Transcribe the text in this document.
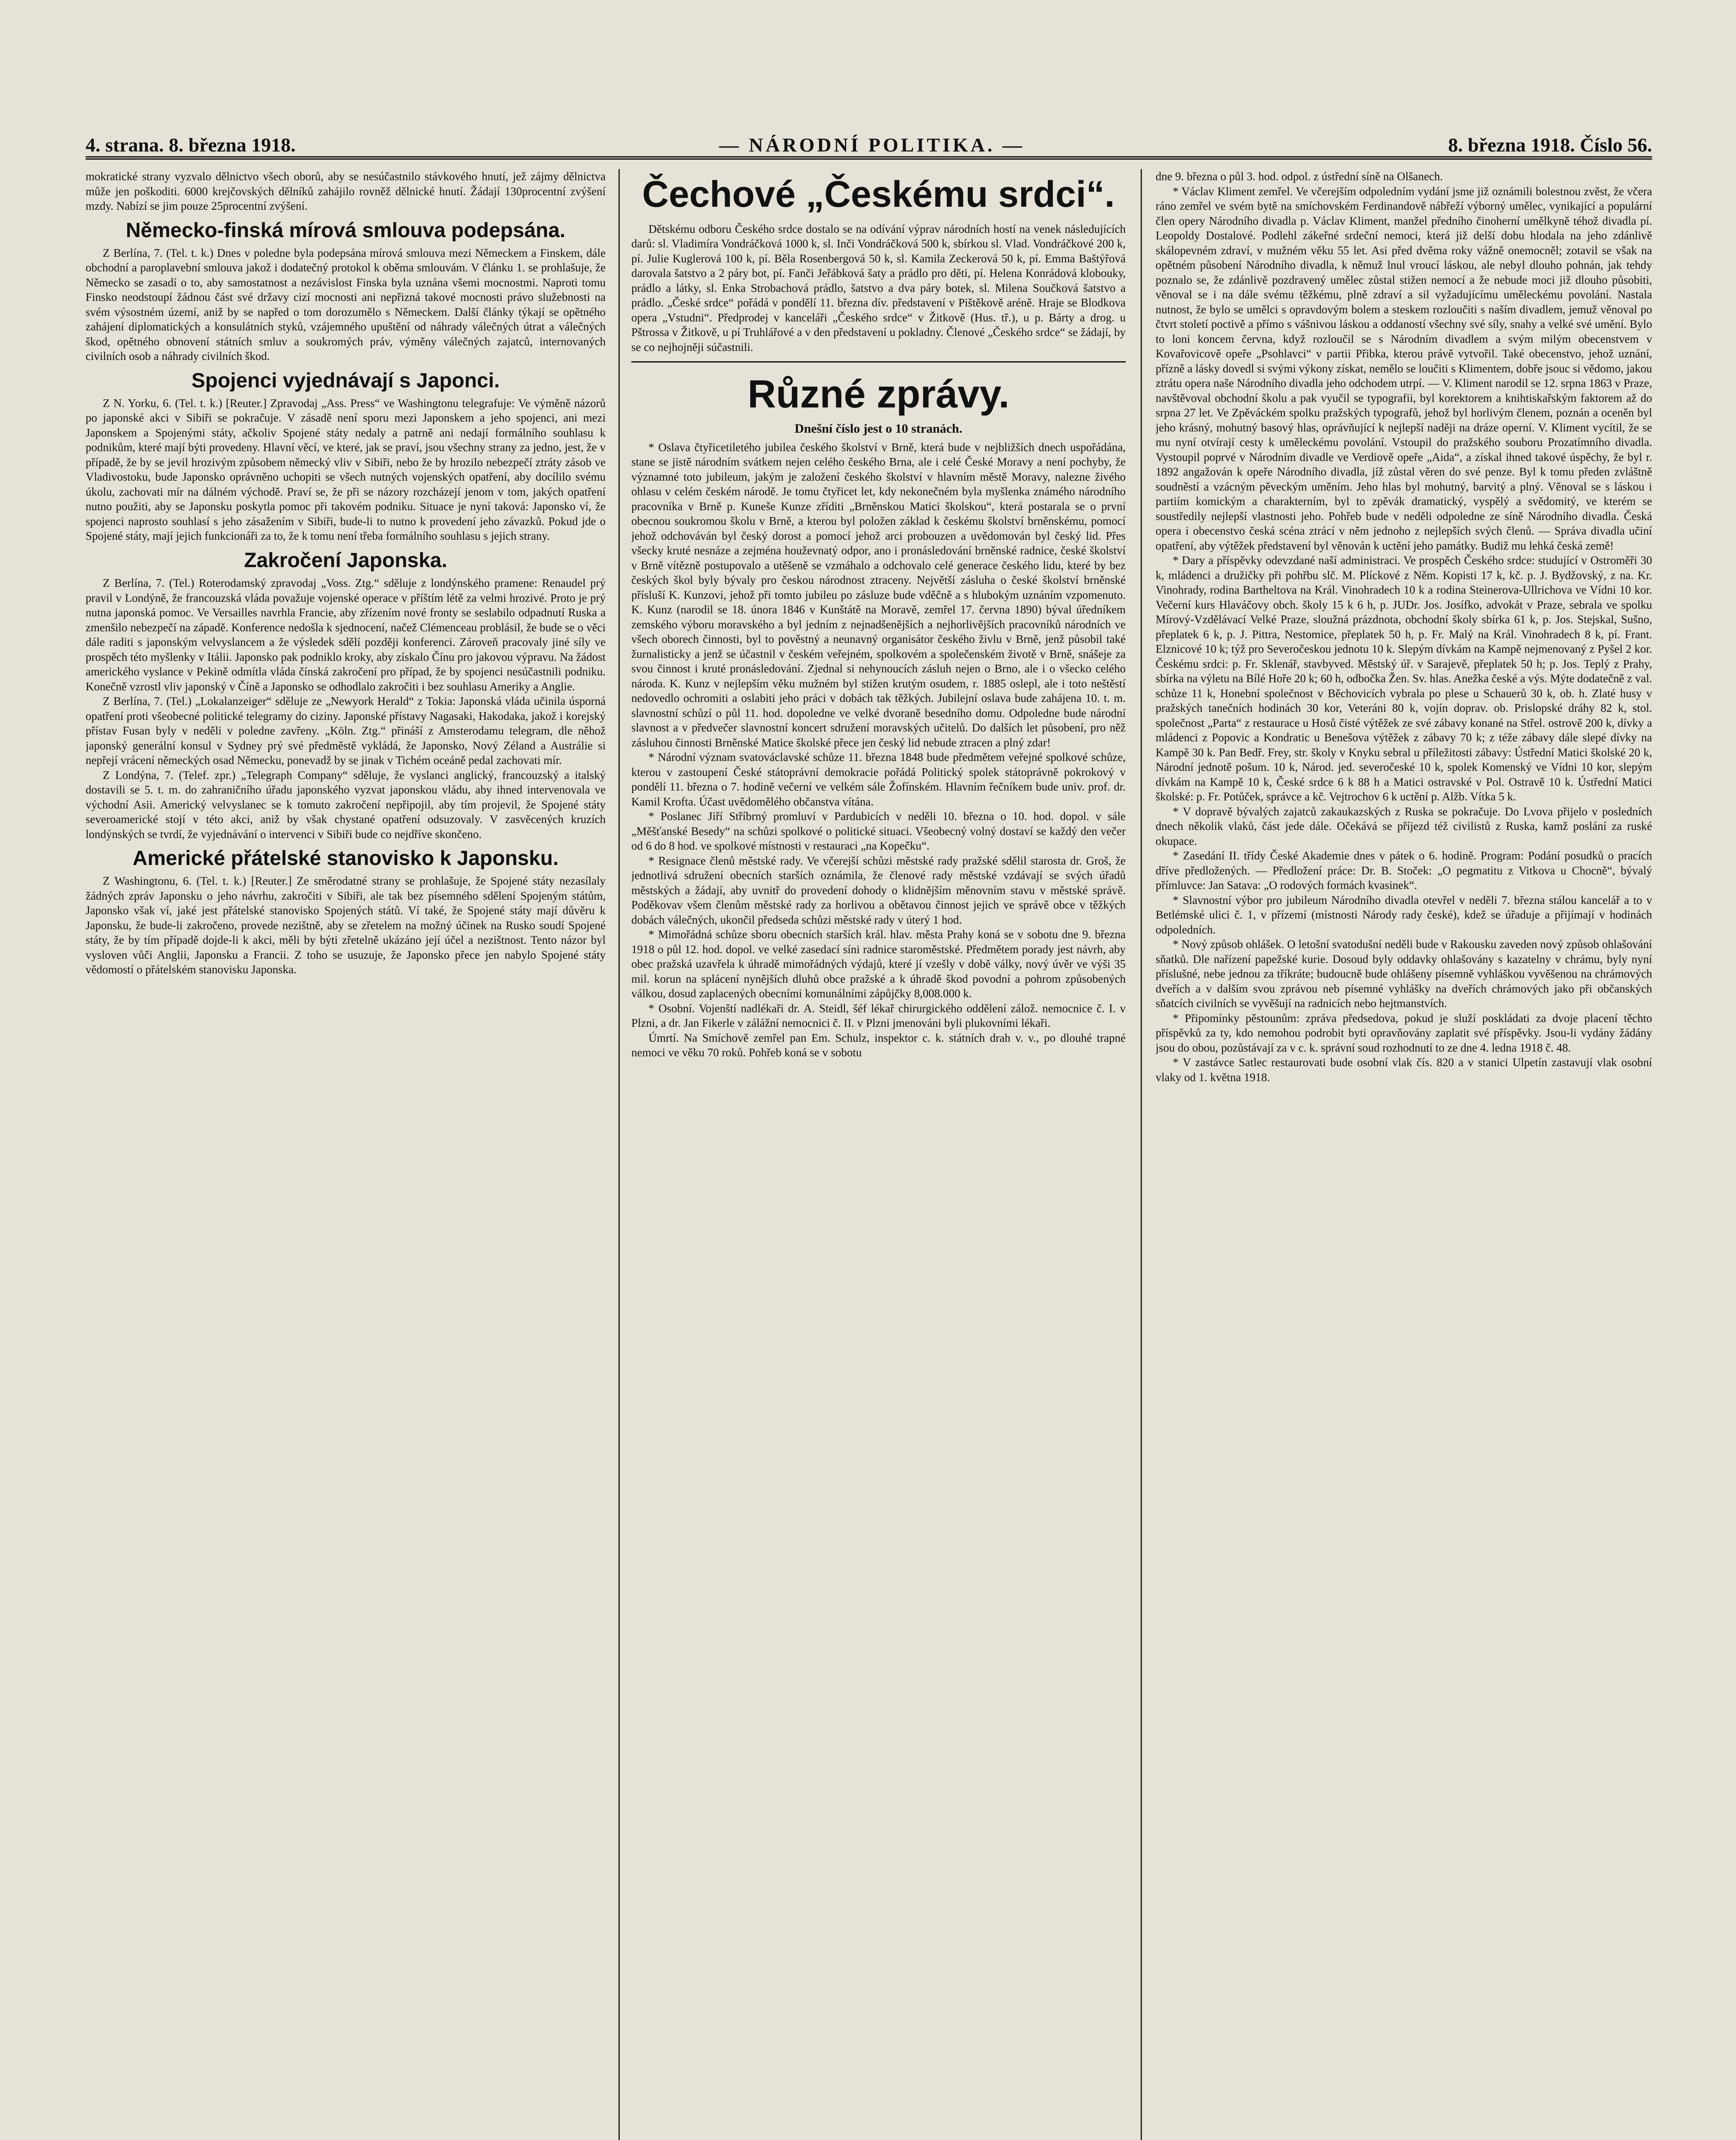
4. strana. 8. března 1918.	— NÁRODNÍ POLITIKA. —	8. března 1918. Číslo 56.

mokratické strany vyzvalo dělnictvo všech oborů, aby se nesúčastnilo stávkového hnutí, jež zájmy dělnictva může jen poškoditi. 6000 krejčovských dělníků zahájilo rovněž dělnické hnutí. Žádají 130procentní zvýšení mzdy. Nabízí se jim pouze 25procentní zvýšení.

Německo-finská mírová smlouva podepsána.

Z Berlína, 7. (Tel. t. k.) Dnes v poledne byla podepsána mírová smlouva mezi Německem a Finskem, dále obchodní a paroplavební smlouva jakož i dodatečný protokol k oběma smlouvám. V článku 1. se prohlašuje, že Německo se zasadí o to, aby samostatnost a nezávislost Finska byla uznána všemi mocnostmi. Naproti tomu Finsko neodstoupí žádnou část své državy cizí mocnosti ani nepřizná takové mocnosti právo služebnosti na svém výsostném území, aniž by se napřed o tom dorozumělo s Německem. Další články týkají se opětného zahájení diplomatických a konsulátních styků, vzájemného upuštění od náhrady válečných útrat a válečných škod, opětného obnovení státních smluv a soukromých práv, výměny válečných zajatců, internovaných civilních osob a náhrady civilních škod.

Spojenci vyjednávají s Japonci.

Z N. Yorku, 6. (Tel. t. k.) [Reuter.] Zpravodaj „Ass. Press“ ve Washingtonu telegrafuje: Ve výměně názorů po japonské akci v Sibiři se pokračuje. V zásadě není sporu mezi Japonskem a jeho spojenci, ani mezi Japonskem a Spojenými státy, ačkoliv Spojené státy nedaly a patrně ani nedají formálního souhlasu k podnikům, které mají býti provedeny. Hlavní věcí, ve které, jak se praví, jsou všechny strany za jedno, jest, že v případě, že by se jevil hrozivým způsobem německý vliv v Sibiři, nebo že by hrozilo nebezpečí ztráty zásob ve Vladivostoku, bude Japonsko oprávněno uchopiti se všech nutných vojenských opatření, aby docílilo svému úkolu, zachovati mír na dálném východě. Praví se, že při se názory rozcházejí jenom v tom, jakých opatření nutno použiti, aby se Japonsku poskytla pomoc při takovém podniku. Situace je nyní taková: Japonsko ví, že spojenci naprosto souhlasí s jeho zásažením v Sibiři, bude-li to nutno k provedení jeho závazků. Pokud jde o Spojené státy, mají jejich funkcionáři za to, že k tomu není třeba formálního souhlasu s jejich strany.

Zakročení Japonska.

Z Berlína, 7. (Tel.) Roterodamský zpravodaj „Voss. Ztg.“ sděluje z londýnského pramene: Renaudel prý pravil v Londýně, že francouzská vláda považuje vojenské operace v příštím létě za velmi hrozivé. Proto je prý nutna japonská pomoc. Ve Versailles navrhla Francie, aby zřízením nové fronty se seslabilo odpadnutí Ruska a zmenšilo nebezpečí na západě. Konference nedošla k sjednocení, načež Clémenceau problásil, že bude se o věci dále raditi s japonským velvyslancem a že výsledek sdělí později konferenci. Zároveň pracovaly jiné síly ve prospěch této myšlenky v Itálii. Japonsko pak podniklo kroky, aby získalo Čínu pro jakovou výpravu. Na žádost amerického vyslance v Pekině odmítla vláda čínská zakročení pro případ, že by spojenci nesúčastnili podniku. Konečně vzrostl vliv japonský v Číně a Japonsko se odhodlalo zakročiti i bez souhlasu Ameriky a Anglie.

Z Berlína, 7. (Tel.) „Lokalanzeiger“ sděluje ze „Newyork Herald“ z Tokia: Japonská vláda učinila úsporná opatření proti všeobecné politické telegramy do ciziny. Japonské přístavy Nagasaki, Hakodaka, jakož i korejský přístav Fusan byly v neděli v poledne zavřeny. „Köln. Ztg.“ přináší z Amsterodamu telegram, dle něhož japonský generální konsul v Sydney prý své předměstě vykládá, že Japonsko, Nový Zéland a Austrálie si nepřejí vrácení německých osad Německu, ponevadž by se jinak v Tichém oceáně pedal zachovati mír.

Z Londýna, 7. (Telef. zpr.) „Telegraph Company“ sděluje, že vyslanci anglický, francouzský a italský dostavili se 5. t. m. do zahraničního úřadu japonského vyzvat japonskou vládu, aby ihned intervenovala ve východní Asii. Americký velvyslanec se k tomuto zakročení nepřipojil, aby tím projevil, že Spojené státy severoamerické stojí v této akci, aniž by však chystané opatření odsuzovaly. V zasvěcených kruzích londýnských se tvrdí, že vyjednávání o intervenci v Sibiři bude co nejdříve skončeno.

Americké přátelské stanovisko k Japonsku.

Z Washingtonu, 6. (Tel. t. k.) [Reuter.] Ze směrodatné strany se prohlašuje, že Spojené státy nezasílaly žádných zpráv Japonsku o jeho návrhu, zakročiti v Sibiři, ale tak bez písemného sdělení Spojeným státům, Japonsko však ví, jaké jest přátelské stanovisko Spojených států. Ví také, že Spojené státy mají důvěru k Japonsku, že bude-li zakročeno, provede nezištně, aby se zřetelem na možný účinek na Rusko soudí Spojené státy, že by tím případě dojde-li k akci, měli by býti zřetelně ukázáno její účel a nezištnost. Tento názor byl vysloven vůči Anglii, Japonsku a Francii. Z toho se usuzuje, že Japonsko přece jen nabylo Spojené státy vědomostí o přátelském stanovisku Japonska.

Čechové „Českému srdci“.

Dětskému odboru Českého srdce dostalo se na odívání výprav národních hostí na venek následujících darů: sl. Vladimíra Vondráčková 1000 k, sl. Inči Vondráčková 500 k, sbírkou sl. Vlad. Vondráčkové 200 k, pí. Julie Kuglerová 100 k, pí. Běla Rosenbergová 50 k, sl. Kamila Zeckerová 50 k, pí. Emma Baštýřová darovala šatstvo a 2 páry bot, pí. Fanči Jeřábková šaty a prádlo pro děti, pí. Helena Konrádová kloboukу, prádlo a látky, sl. Enka Strobachová prádlo, šatstvo a dva páry botek, sl. Milena Součková šatstvo a prádlo. „České srdce“ pořádá v pondělí 11. března dív. představení v Pištěkově aréně. Hraje se Blodkova opera „Vstudni“. Předprodej v kanceláři „Českého srdce“ v Žitkově (Hus. tř.), u p. Bárty a drog. u Pštrossa v Žitkově, u pí Truhlářové a v den představení u pokladny. Členové „Českého srdce“ se žádají, by se co nejhojněji súčastnili.

Různé zprávy.
Dnešní číslo jest o 10 stranách.

* Oslava čtyřicetiletého jubilea českého školství v Brně, která bude v nejbližších dnech uspořádána, stane se jistě národním svátkem nejen celého českého Brna, ale i celé České Moravy a není pochyby, že významné toto jubileum, jakým je založení českého školství v hlavním městě Moravy, nalezne živého ohlasu v celém českém národě. Je tomu čtyřicet let, kdy nekonečném byla myšlenka známého národního pracovníka v Brně p. Kuneše Kunze zříditi „Brněnskou Matici školskou“, která postarala se o první obecnou soukromou školu v Brně, a kterou byl položen základ k českému školství brněnskému, pomocí jehož odchováván byl český dorost a pomocí jehož arci probouzen a uvědomován byl český lid. Přes všecky kruté nesnáze a zejména houževnatý odpor, ano i pronásledování brněnské radnice, české školství v Brně vítězně postupovalo a utěšeně se vzmáhalo a odchovalo celé generace českého lidu, které by bez českých škol byly bývaly pro českou národnost ztraceny. Největší zásluha o české školství brněnské přísluší K. Kunzovi, jehož při tomto jubileu po zásluze bude vděčně a s hlubokým uznáním vzpomenuto. K. Kunz (narodil se 18. února 1846 v Kunštátě na Moravě, zemřel 17. června 1890) býval úředníkem zemského výboru moravského a byl jedním z nejnadšenějších a nejhorlivějších pracovníků národních ve všech oborech činnosti, byl to pověstný a neunavný organisátor českého živlu v Brně, jenž působil také žurnalisticky a jenž se účastnil v českém veřejném, spolkovém a společenském životě v Brně, snášeje za svou činnost i kruté pronásledování. Zjednal si nehynoucích zásluh nejen o Brno, ale i o všecko celého národa. K. Kunz v nejlepším věku mužném byl stižen krutým osudem, r. 1885 oslepl, ale i toto neštěstí nedovedlo ochromiti a oslabiti jeho práci v dobách tak těžkých. Jubilejní oslava bude zahájena 10. t. m. slavnostní schůzí o půl 11. hod. dopoledne ve velké dvoraně besedního domu. Odpoledne bude národní slavnost a v předvečer slavnostní koncert sdružení moravských učitelů. Do dalších let působení, pro něž zásluhou činnosti Brněnské Matice školské přece jen český lid nebude ztracen a plný zdar!

* Národní význam svatováclavské schůze 11. března 1848 bude předmětem veřejné spolkové schůze, kterou v zastoupení České státoprávní demokracie pořádá Politický spolek státoprávně pokrokový v pondělí 11. března o 7. hodině večerní ve velkém sále Žofínském. Hlavním řečníkem bude univ. prof. dr. Kamil Krofta. Účast uvědomělého občanstva vítána.

* Poslanec Jiří Stříbrný promluví v Pardubicích v neděli 10. března o 10. hod. dopol. v sále „Měšťanské Besedy“ na schůzi spolkové o politické situaci. Všeobecný volný dostaví se každý den večer od 6 do 8 hod. ve spolkové místnosti v restauraci „na Kopečku“.

* Resignace členů městské rady. Ve včerejší schůzi městské rady pražské sdělil starosta dr. Groš, že jednotlivá sdružení obecních starších oznámila, že členové rady městské vzdávají se svých úřadů městských a žádají, aby uvnitř do provedení dohody o klidnějším měnovním stavu v městské správě. Poděkovav všem členům městské rady za horlivou a obětavou činnost jejich ve správě obce v těžkých dobách válečných, ukončil předseda schůzi městské rady v úterý 1 hod.

* Mimořádná schůze sboru obecních starších král. hlav. města Prahy koná se v sobotu dne 9. března 1918 o půl 12. hod. dopol. ve velké zasedací síni radnice staroměstské. Předmětem porady jest návrh, aby obec pražská uzavřela k úhradě mimořádných výdajů, které jí vzešly v době války, nový úvěr ve výši 35 mil. korun na splácení nynějších dluhů obce pražské a k úhradě škod povodní a pohrom způsobených válkou, dosud zaplacených obecními komunálními zápůjčky 8,008.000 k.

* Osobní. Vojenští nadlékaři dr. A. Steidl, šéf lékař chirurgického oddělení zálož. nemocnice č. I. v Plzni, a dr. Jan Fikerle v zálážní nemocnici č. II. v Plzni jmenováni byli plukovními lékaři.

Úmrtí. Na Smíchově zemřel pan Em. Schulz, inspektor c. k. státních drah v. v., po dlouhé trapné nemoci ve věku 70 roků. Pohřeb koná se v sobotu

dne 9. března o půl 3. hod. odpol. z ústřední síně na Olšanech.

* Václav Kliment zemřel. Ve včerejším odpoledním vydání jsme již oznámili bolestnou zvěst, že včera ráno zemřel ve svém bytě na smíchovském Ferdinandově nábřeží výborný umělec, vynikající a populární člen opery Národního divadla p. Václav Kliment, manžel předního činoherní umělkyně téhož divadla pí. Leopoldy Dostalové. Podlehl zákeřné srdeční nemoci, která již delší dobu hlodala na jeho zdánlivě skálopevném zdraví, v mužném věku 55 let. Asi před dvěma roky vážně onemocněl; zotavil se však na opětném působení Národního divadla, k němuž lnul vroucí láskou, ale nebyl dlouho pohnán, jak tehdy poznalo se, že zdánlivě pozdravený umělec zůstal stižen nemocí a že nebude moci již dlouho působiti, věnoval se i na dále svému těžkému, plně zdraví a sil vyžadujícímu uměleckému povolání. Nastala nutnost, že bylo se umělci s opravdovým bolem a steskem rozloučiti s naším divadlem, jemuž věnoval po čtvrt století poctivě a přímo s vášnivou láskou a oddaností všechny své síly, snahy a velké své umění. Bylo to loni koncem června, když rozloučil se s Národním divadlem a svým milým obecenstvem v Kovařovicově opeře „Psohlavci“ v partii Přibka, kterou právě vytvořil. Také obecenstvo, jehož uznání, přízně a lásky dovedl si svými výkony získat, nemělo se loučiti s Klimentem, dobře jsouc si vědomo, jakou ztrátu opera naše Národního divadla jeho odchodem utrpí. — V. Kliment narodil se 12. srpna 1863 v Praze, navštěvoval obchodní školu a pak vyučil se typografii, byl korektorem a knihtiskařským faktorem až do srpna 27 let. Ve Zpěváckém spolku pražských typografů, jehož byl horlivým členem, poznán a oceněn byl jeho krásný, mohutný basový hlas, oprávňující k nejlepší naději na dráze operní. V. Kliment vycítil, že se mu nyní otvírají cesty k uměleckému povolání. Vstoupil do pražského souboru Prozatímního divadla. Vystoupil poprvé v Národním divadle ve Verdiově opeře „Aida“, a získal ihned takové úspěchy, že byl r. 1892 angažován k opeře Národního divadla, jíž zůstal věren do své penze. Byl k tomu předen zvláštně soudněstí a vzácným pěveckým uměním. Jeho hlas byl mohutný, barvitý a plný. Věnoval se s láskou i partiím komickým a charakterním, byl to zpěvák dramatický, vyspělý a svědomitý, ve kterém se soustředily nejlepší vlastnosti jeho. Pohřeb bude v neděli odpoledne ze síně Národního divadla. Česká opera i obecenstvo česká scéna ztrácí v něm jednoho z nejlepších svých členů. — Správa divadla učiní opatření, aby výtěžek představení byl věnován k uctění jeho památky. Budiž mu lehká česká země!

* Dary a příspěvky odevzdané naší administraci. Ve prospěch Českého srdce: studující v Ostroměři 30 k, mládenci a družičky při pohřbu slč. M. Plíckové z Něm. Kopisti 17 k, kč. p. J. Bydžovský, z na. Kr. Vinohrady, rodina Bartheltova na Král. Vinohradech 10 k a rodina Steinerova-Ullrichova ve Vídni 10 kor. Večerní kurs Hlaváčovy obch. školy 15 k 6 h, p. JUDr. Jos. Josífko, advokát v Praze, sebrala ve spolku Mírový-Vzdělávací Velké Praze, sloužná prázdnota, obchodní školy sbírka 61 k, p. Jos. Stejskal, Sušno, přeplatek 6 k, p. J. Pittra, Nestomice, přeplatek 50 h, p. Fr. Malý na Král. Vinohradech 8 k, pí. Frant. Elznicové 10 k; týž pro Severočeskou jednotu 10 k. Slepým dívkám na Kampě nejmenovaný z Pyšel 2 kor. Českému srdci: p. Fr. Sklenář, stavbyved. Městský úř. v Sarajevě, přeplatek 50 h; p. Jos. Teplý z Prahy, sbírka na výletu na Bílé Hoře 20 k; 60 h, odbočka Žen. Sv. hlas. Anežka české a výs. Mýte dodatečně z val. schůze 11 k, Honební společnost v Běchovicích vybrala po plese u Schauerů 30 k, ob. h. Zlaté husy v pražských tanečních hodinách 30 kor, Veteráni 80 k, vojín doprav. ob. Prislopské dráhy 82 k, stol. společnost „Parta“ z restaurace u Hosů čisté výtěžek ze své zábavy konané na Střel. ostrově 200 k, dívky a mládenci z Popovic a Kondratic u Benešova výtěžek z zábavy 70 k; z téže zábavy dále slepé dívky na Kampě 30 k. Pan Bedř. Frey, str. školy v Knyku sebral u příležitosti zábavy: Ústřední Matici školské 20 k, Národní jednotě pošum. 10 k, Národ. jed. severočeské 10 k, spolek Komenský ve Vídni 10 kor, slepým dívkám na Kampě 10 k, České srdce 6 k 88 h a Matici ostravské v Pol. Ostravě 10 k. Ústřední Matici školské: p. Fr. Potůček, správce a kč. Vejtrochov 6 k uctění p. Alžb. Vítka 5 k.

* V dopravě bývalých zajatců zakaukazských z Ruska se pokračuje. Do Lvova přijelo v posledních dnech několik vlaků, část jede dále. Očekává se příjezd též civilistů z Ruska, kamž poslání za ruské okupace.

* Zasedání II. třídy České Akademie dnes v pátek o 6. hodině. Program: Podání posudků o pracích dříve předložených. — Předložení práce: Dr. B. Stoček: „O pegmatitu z Vitkova u Chocně“, bývalý přímluvce: Jan Satava: „O rodových formách kvasinek“.

* Slavnostní výbor pro jubileum Národního divadla otevřel v neděli 7. března stálou kancelář a to v Betlémské ulici č. 1, v přízemí (místnosti Národy rady české), kdež se úřaduje a přijímají v hodinách odpoledních.

* Nový způsob ohlášek. O letošní svatodušní neděli bude v Rakousku zaveden nový způsob ohlašování sňatků. Dle nařízení papežské kurie. Dosoud byly oddavky ohlašovány s kazatelny v chrámu, byly nyní příslušné, nebe jednou za tříkráte; budoucně bude ohlášeny písemně vyhláškou vyvěšenou na chrámových dveřích a v dalším svou zprávou neb písemné vyhlášky na dveřích chrámových jako při občanských sňatcích civilních se vyvěšují na radnicích nebo hejtmanstvích.

* Připomínky pěstounům: zpráva předsedova, pokud je služí poskládati za dvoje placení těchto příspěvků za ty, kdo nemohou podrobit byti opravňovány zaplatit své příspěvky. Jsou-li vydány žádány jsou do obou, pozůstávají za v c. k. správní soud rozhodnutí to ze dne 4. ledna 1918 č. 48.

* V zastávce Satlec restaurovati bude osobní vlak čís. 820 a v stanici Ulpetín zastavují vlak osobní vlaky od 1. května 1918.
